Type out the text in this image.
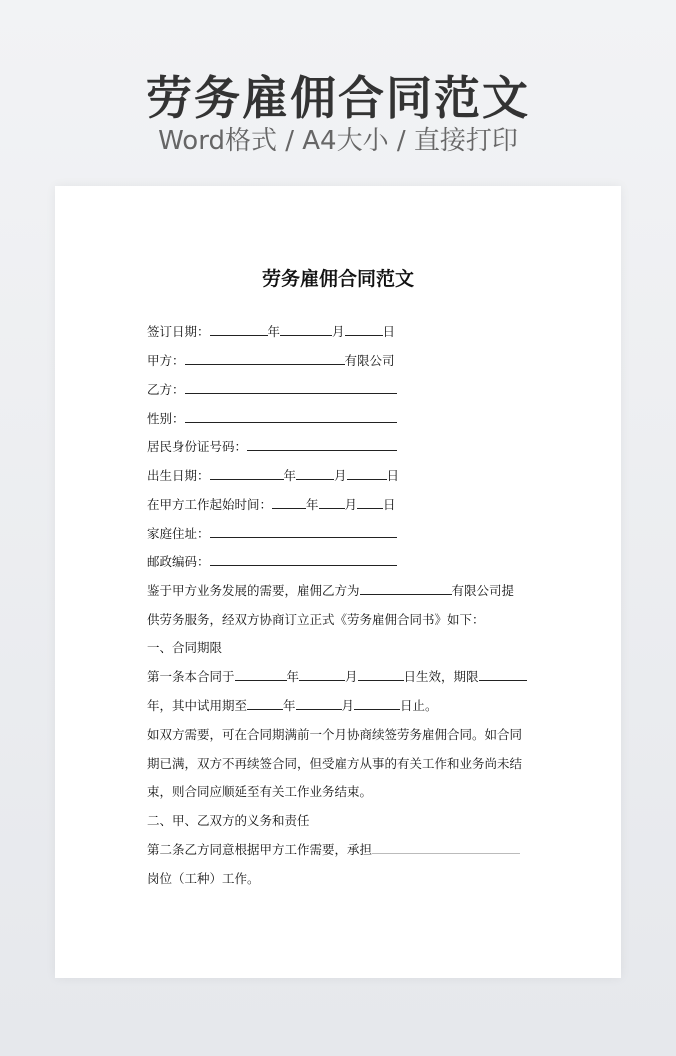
劳务雇佣合同范文
Word格式 / A4大小 / 直接打印
劳务雇佣合同范文
签订日期：	年	月	日
甲方：	有限公司
乙方：
性别：
居民身份证号码：
出生日期：	年	月	日
在甲方工作起始时间：	年 月 日
家庭住址：
邮政编码：
鉴于甲方业务发展的需要，雇佣乙方为	有限公司提
供劳务服务，经双方协商订立正式《劳务雇佣合同书》如下：
一、合同期限
第一条本合同于	年	月	日生效，期限
年，其中试用期至	年	月	日止。
如双方需要，可在合同期满前一个月协商续签劳务雇佣合同。如合同
期已满，双方不再续签合同，但受雇方从事的有关工作和业务尚未结
束，则合同应顺延至有关工作业务结束。
二、甲、乙双方的义务和责任
第二条乙方同意根据甲方工作需要，承担
岗位（工种）工作。
